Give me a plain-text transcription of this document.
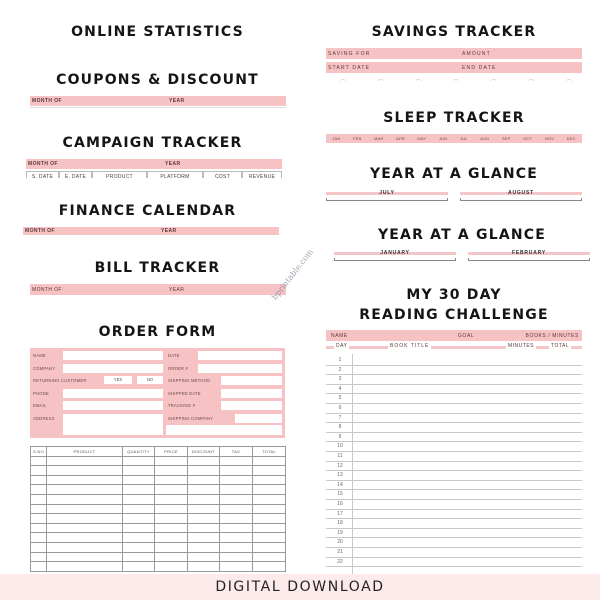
ONLINE STATISTICS
COUPONS & DISCOUNT
MONTH OF	YEAR
CAMPAIGN TRACKER
MONTH OF	YEAR
S. DATE	E. DATE	PRODUCT	PLATFORM	COST	REVENUE
FINANCE CALENDAR
MONTH OF	YEAR
BILL TRACKER
MONTH OF	YEAR
ORDER FORM
NAME	DATE
COMPANY	ORDER #
RETURNING CUSTOMER	YES	NO	SHIPPING METHOD
PHONE	SHIPPED DATE
EMAIL	TRACKING #
ADDRESS	SHIPPING COMPANY
S.NO	PRODUCT	QUANTITY	PRICE	DISCOUNT	TAX	TOTAL

SAVINGS TRACKER
SAVING FOR	AMOUNT
START DATE	END DATE
⌒	⌒	⌒	⌒	⌒	⌒	⌒
SLEEP TRACKER
JAN	FEB	MAR	APR	MAY	JUN	JUL	AUG	SEP	OCT	NOV	DEC
YEAR AT A GLANCE
JULY	AUGUST
YEAR AT A GLANCE
JANUARY	FEBRUARY
MY 30 DAY
READING CHALLENGE
NAME	GOAL	BOOKS / MINUTES
DAY	BOOK TITLE	MINUTES	TOTAL
1
2
3
4
5
6
7
8
9
10
11
12
13
14
15
16
17
18
19
20
21
22
bprintable.com
DIGITAL DOWNLOAD
